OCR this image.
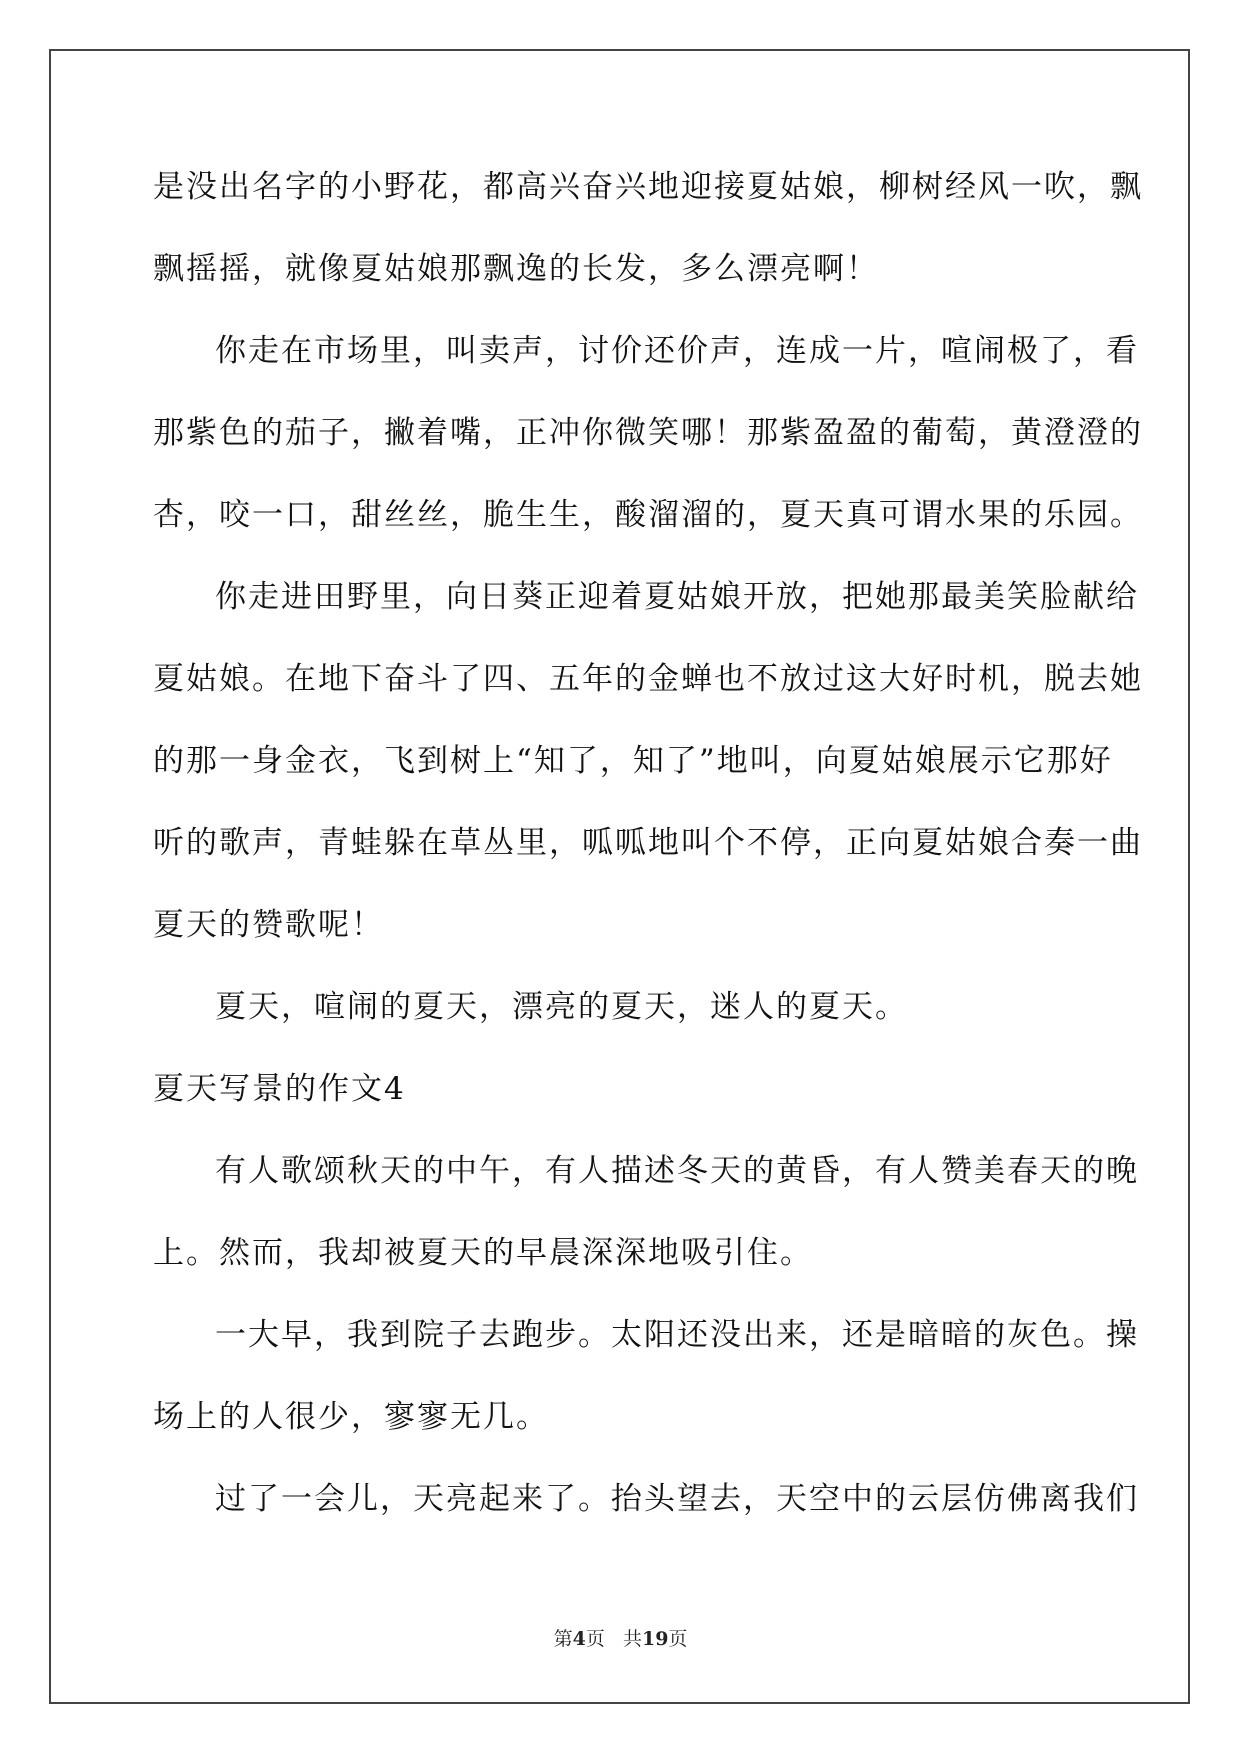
是没出名字的小野花，都高兴奋兴地迎接夏姑娘，柳树经风一吹，飘
飘摇摇，就像夏姑娘那飘逸的长发，多么漂亮啊！
你走在市场里，叫卖声，讨价还价声，连成一片，喧闹极了，看
那紫色的茄子，撇着嘴，正冲你微笑哪！那紫盈盈的葡萄，黄澄澄的
杏，咬一口，甜丝丝，脆生生，酸溜溜的，夏天真可谓水果的乐园。
你走进田野里，向日葵正迎着夏姑娘开放，把她那最美笑脸献给
夏姑娘。在地下奋斗了四、五年的金蝉也不放过这大好时机，脱去她
的那一身金衣，飞到树上“知了，知了”地叫，向夏姑娘展示它那好
听的歌声，青蛙躲在草丛里，呱呱地叫个不停，正向夏姑娘合奏一曲
夏天的赞歌呢！
夏天，喧闹的夏天，漂亮的夏天，迷人的夏天。
夏天写景的作文4
有人歌颂秋天的中午，有人描述冬天的黄昏，有人赞美春天的晚
上。然而，我却被夏天的早晨深深地吸引住。
一大早，我到院子去跑步。太阳还没出来，还是暗暗的灰色。操
场上的人很少，寥寥无几。
过了一会儿，天亮起来了。抬头望去，天空中的云层仿佛离我们
第4页 共19页
